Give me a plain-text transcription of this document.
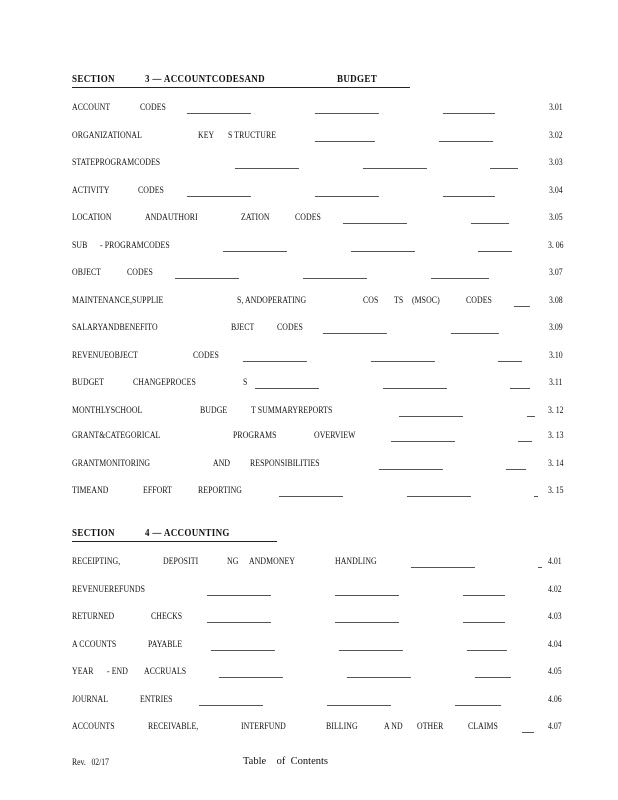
SECTION	3 — ACCOUNTCODESAND	BUDGET
ACCOUNT	CODES	3.01
ORGANIZATIONAL	KEY S TRUCTURE	3.02
STATEPROGRAMCODES	3.03
ACTIVITY	CODES	3.04
LOCATION	ANDAUTHORI	ZATION	CODES	3.05
SUB - PROGRAMCODES	3. 06
OBJECT	CODES	3.07
MAINTENANCE,SUPPLIE	S, ANDOPERATING	COS TS (MSOC)	CODES	3.08
SALARYANDBENEFITO	BJECT CODES	3.09
REVENUEOBJECT	CODES	3.10
BUDGET	CHANGEPROCES	S	3.11
MONTHLYSCHOOL	BUDGE T SUMMARYREPORTS	3. 12
GRANT&CATEGORICAL	PROGRAMS	OVERVIEW	3. 13
GRANTMONITORING	AND RESPONSIBILITIES	3. 14
TIMEAND	EFFORT	REPORTING	3. 15
SECTION	4 — ACCOUNTING
RECEIPTING,	DEPOSITI	NG ANDMONEY	HANDLING	4.01
REVENUEREFUNDS	4.02
RETURNED	CHECKS	4.03
A CCOUNTS	PAYABLE	4.04
YEAR - END ACCRUALS	4.05
JOURNAL	ENTRIES	4.06
ACCOUNTS	RECEIVABLE,	INTERFUND	BILLING	A ND OTHER	CLAIMS	4.07
Rev.   02/17	Table    of  Contents
